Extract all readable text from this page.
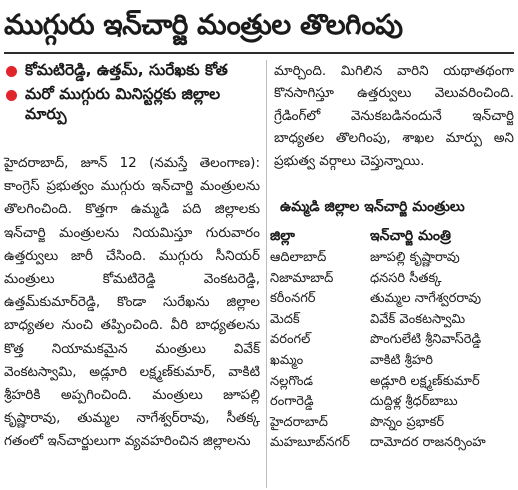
ముగ్గురు ఇన్‌చార్జి మంత్రుల తొలగింపు
కోమటిరెడ్డి, ఉత్తమ్, సురేఖకు కోత
మరో ముగ్గురు మినిస్టర్లకు జిల్లాల మార్పు

హైదరాబాద్, జూన్ 12 (నమస్తే తెలంగాణ): కాంగ్రెస్ ప్రభుత్వం ముగ్గురు ఇన్‌చార్జి మంత్రులను తొలగించింది. కొత్తగా ఉమ్మడి పది జిల్లాలకు ఇన్‌చార్జి మంత్రులను నియమిస్తూ గురువారం ఉత్తర్వులు జారీ చేసింది. ముగ్గురు సీనియర్ మంత్రులు కోమటిరెడ్డి వెంకటరెడ్డి, ఉత్తమ్‌కుమార్‌రెడ్డి, కొండా సురేఖను జిల్లాల బాధ్యతల నుంచి తప్పించింది. వీరి బాధ్యతలను కొత్త నియామకమైన మంత్రులు వివేక్ వెంకటస్వామి, అడ్లూరి లక్ష్మణ్‌కుమార్, వాకిటి శ్రీహరికి అప్పగించింది. మంత్రులు జూపల్లి కృష్ణారావు, తుమ్మల నాగేశ్వర్‌రావు, సీతక్క గతంలో ఇన్‌చార్జులుగా వ్యవహరించిన జిల్లాలను

మార్చింది. మిగిలిన వారిని యథాతథంగా కొనసాగిస్తూ ఉత్తర్వులు వెలువరించింది. గ్రేడింగ్‌లో వెనుకబడినందునే ఇన్‌చార్జి బాధ్యతల తొలగింపు, శాఖల మార్పు అని ప్రభుత్వ వర్గాలు చెప్తున్నాయి.

ఉమ్మడి జిల్లాల ఇన్‌చార్జి మంత్రులు
జిల్లా	ఇన్‌చార్జి మంత్రి
ఆదిలాబాద్	జూపల్లి కృష్ణారావు
నిజామాబాద్	ధనసరి సీతక్క
కరీంనగర్	తుమ్మల నాగేశ్వరరావు
మెదక్	వివేక్ వెంకటస్వామి
వరంగల్	పొంగులేటి శ్రీనివాస్‌రెడ్డి
ఖమ్మం	వాకిటి శ్రీహరి
నల్లగొండ	అడ్లూరి లక్ష్మణ్‌కుమార్
రంగారెడ్డి	దుద్దిళ్ల శ్రీధర్‌బాబు
హైదరాబాద్	పొన్నం ప్రభాకర్
మహబూబ్‌నగర్ దామోదర రాజనర్సింహ
